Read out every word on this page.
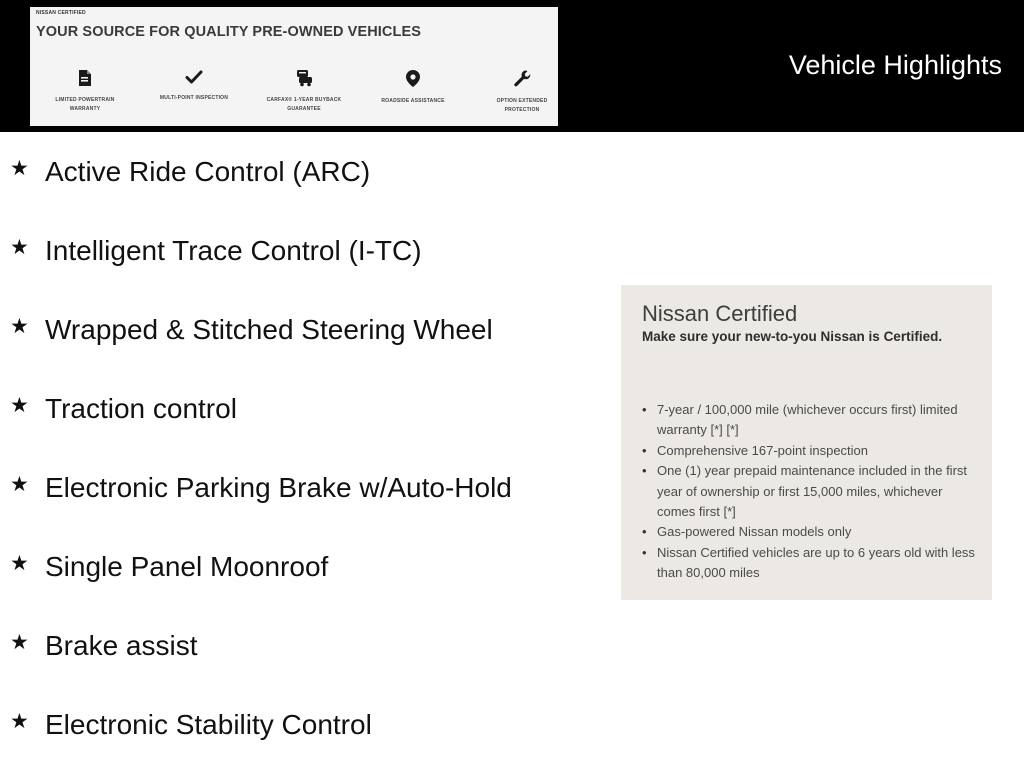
NISSAN CERTIFIED
YOUR SOURCE FOR QUALITY PRE-OWNED VEHICLES
LIMITED POWERTRAIN
WARRANTY
MULTI-POINT INSPECTION	CARFAX® 1-YEAR BUYBACK
GUARANTEE
ROADSIDE ASSISTANCE	OPTION EXTENDED
PROTECTION
Vehicle Highlights
★ Active Ride Control (ARC)
★ Intelligent Trace Control (I-TC)
★ Wrapped & Stitched Steering Wheel
★ Traction control
★ Electronic Parking Brake w/Auto-Hold
★ Single Panel Moonroof
★ Brake assist
★ Electronic Stability Control
Nissan Certified

Make sure your new-to-you Nissan is Certified.

• 7-year / 100,000 mile (whichever occurs first) limited warranty [*] [*]
• Comprehensive 167-point inspection
• One (1) year prepaid maintenance included in the first year of ownership or first 15,000 miles, whichever comes first [*]
• Gas-powered Nissan models only
• Nissan Certified vehicles are up to 6 years old with less than 80,000 miles
